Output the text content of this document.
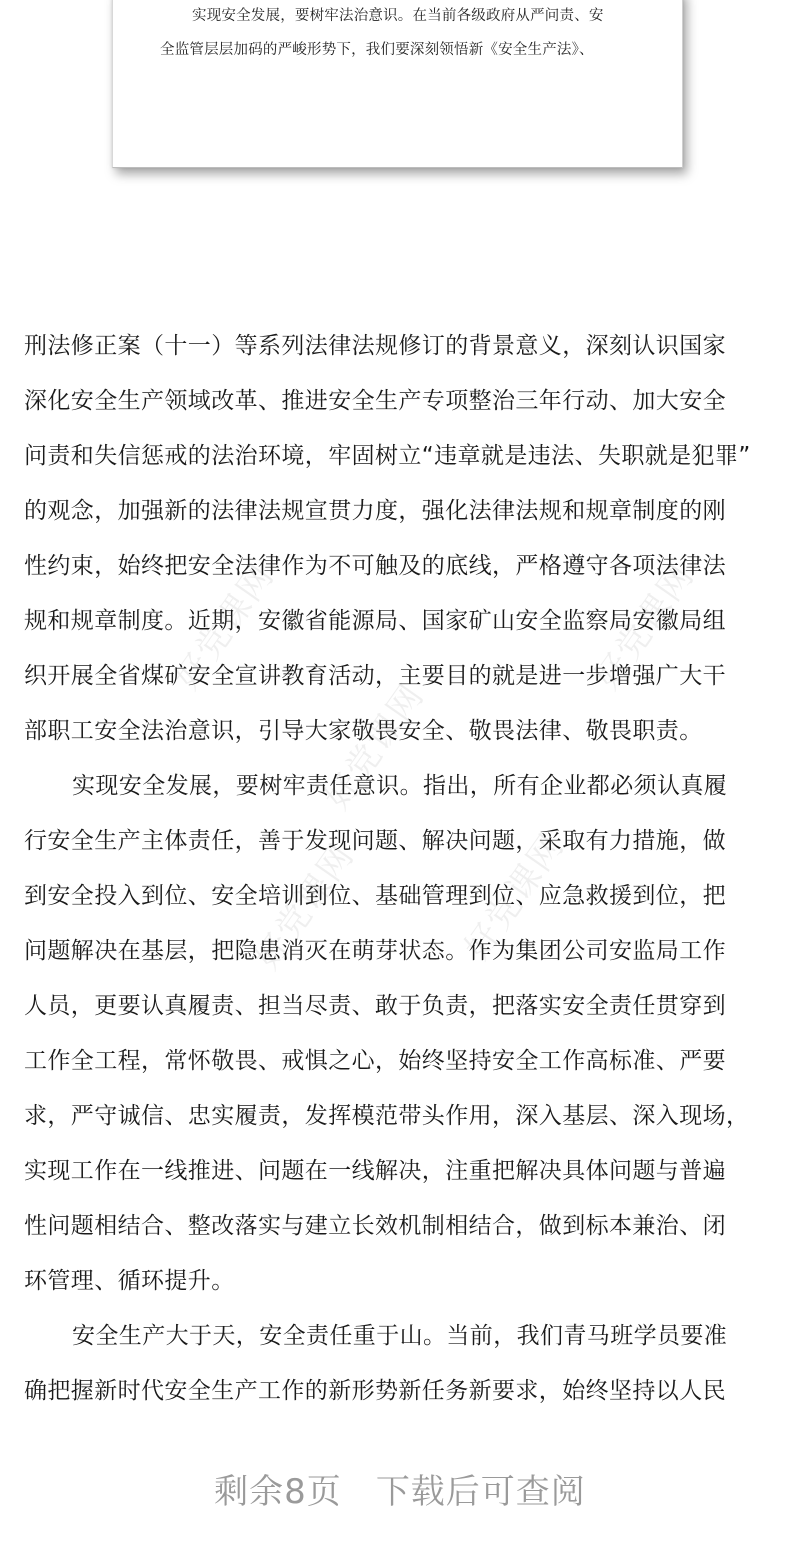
实现安全发展，要树牢法治意识。在当前各级政府从严问责、安
全监管层层加码的严峻形势下，我们要深刻领悟新《安全生产法》、
好党课网
好党课网
好党课网
好党课网	好党课网
刑法修正案（十一）等系列法律法规修订的背景意义，深刻认识国家
深化安全生产领域改革、推进安全生产专项整治三年行动、加大安全
问责和失信惩戒的法治环境，牢固树立“违章就是违法、失职就是犯罪”
的观念，加强新的法律法规宣贯力度，强化法律法规和规章制度的刚
性约束，始终把安全法律作为不可触及的底线，严格遵守各项法律法
规和规章制度。近期，安徽省能源局、国家矿山安全监察局安徽局组
织开展全省煤矿安全宣讲教育活动，主要目的就是进一步增强广大干
部职工安全法治意识，引导大家敬畏安全、敬畏法律、敬畏职责。
实现安全发展，要树牢责任意识。指出，所有企业都必须认真履
行安全生产主体责任，善于发现问题、解决问题，采取有力措施，做
到安全投入到位、安全培训到位、基础管理到位、应急救援到位，把
问题解决在基层，把隐患消灭在萌芽状态。作为集团公司安监局工作
人员，更要认真履责、担当尽责、敢于负责，把落实安全责任贯穿到
工作全工程，常怀敬畏、戒惧之心，始终坚持安全工作高标准、严要
求，严守诚信、忠实履责，发挥模范带头作用，深入基层、深入现场，
实现工作在一线推进、问题在一线解决，注重把解决具体问题与普遍
性问题相结合、整改落实与建立长效机制相结合，做到标本兼治、闭
环管理、循环提升。
安全生产大于天，安全责任重于山。当前，我们青马班学员要准
确把握新时代安全生产工作的新形势新任务新要求，始终坚持以人民
剩余8页 下载后可查阅
